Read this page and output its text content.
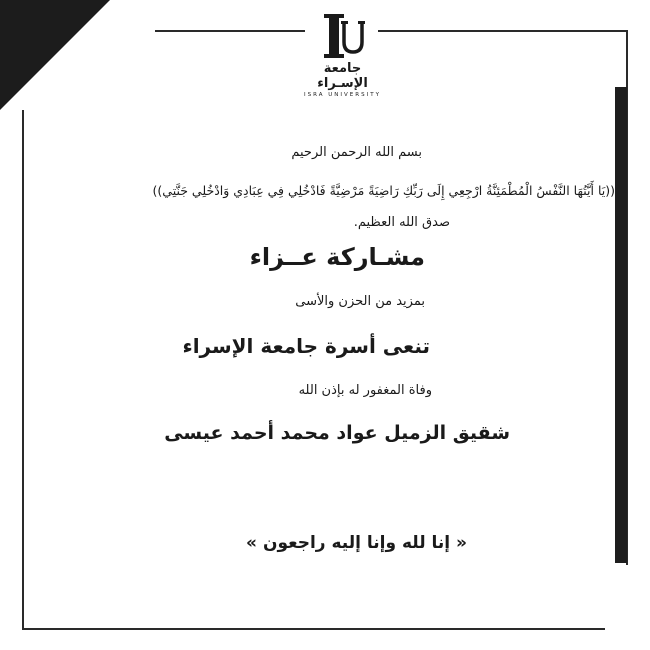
جامعة الإسـراء
ISRA UNIVERSITY
بسم الله الرحمن الرحيم
((يَا أَيَّتُهَا النَّفْسُ الْمُطْمَئِنَّةُ ارْجِعِي إِلَى رَبِّكِ رَاضِيَةً مَرْضِيَّةً فَادْخُلِي فِي عِبَادِي وَادْخُلِي جَنَّتِي))
صدق الله العظيم.
مشـاركة عــزاء
بمزيد من الحزن والأسى
تنعى أسرة جامعة الإسراء
وفاة المغفور له بإذن الله
شقيق الزميل عواد محمد أحمد عيسى
« إنا لله وإنا إليه راجعون »
